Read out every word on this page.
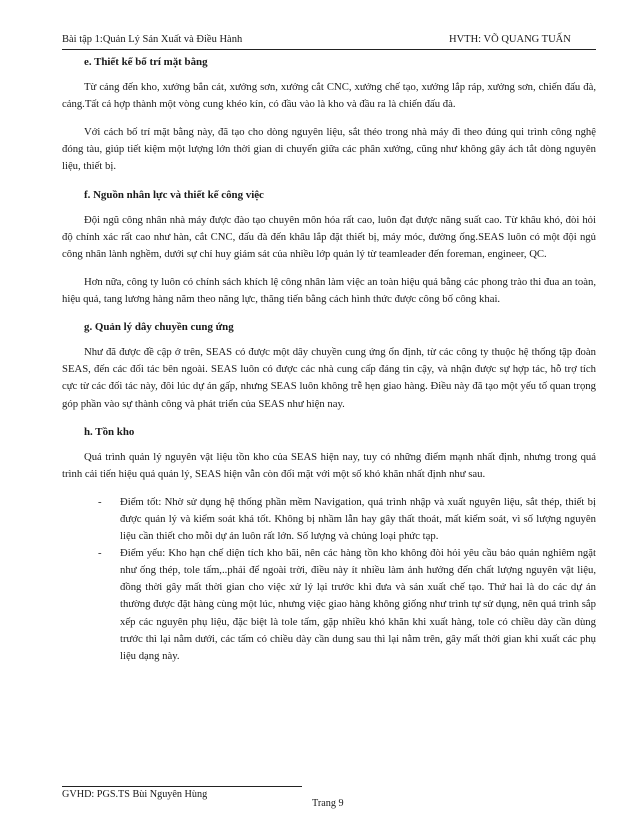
Bài tập 1:Quản Lý Sản Xuất và Điều Hành	HVTH: VÕ QUANG TUẤN
e. Thiết kế bố trí mặt bằng

Từ cảng đến kho, xưởng bắn cát, xưởng sơn, xưởng cắt CNC, xưởng chế tạo, xưởng lắp ráp, xưởng sơn, chiến đấu đà, cảng.Tất cả hợp thành một vòng cung khéo kín, có đầu vào là kho và đầu ra là chiến đấu đà.

Với cách bố trí mặt bằng này, đã tạo cho dòng nguyên liệu, sắt théo trong nhà máy đi theo đúng qui trình công nghệ đóng tàu, giúp tiết kiệm một lượng lớn thời gian di chuyển giữa các phân xưởng, cũng như không gây ách tắt dòng nguyên liệu, thiết bị.

f. Nguồn nhân lực và thiết kế công việc

Đội ngũ công nhân nhà máy được đào tạo chuyên môn hóa rất cao, luôn đạt được năng suất cao. Từ khâu khó, đòi hỏi độ chính xác rất cao như hàn, cắt CNC, đấu đà đến khâu lắp đặt thiết bị, máy móc, đường ống.SEAS luôn có một đội ngủ công nhân lành nghềm, dưới sự chỉ huy giám sát của nhiều lớp quản lý từ teamleader đến foreman, engineer, QC.

Hơn nữa, công ty luôn có chính sách khích lệ công nhân làm việc an toàn hiệu quả bằng các phong trào thi đua an toàn, hiệu quả, tang lương hàng năm theo năng lực, thăng tiến bằng cách hình thức được công bố công khai.

g. Quản lý dây chuyền cung ứng

Như đã được đề cập ở trên, SEAS có được một dây chuyền cung ứng ổn định, từ các công ty thuộc hệ thống tập đoàn SEAS, đến các đối tác bên ngoài. SEAS luôn có được các nhà cung cấp đáng tin cậy, và nhận được sự hợp tác, hỗ trợ tích cực từ các đối tác này, đôi lúc dự án gấp, nhưng SEAS luôn không trễ hẹn giao hàng. Điều này đã tạo một yếu tố quan trọng góp phần vào sự thành công và phát triển của SEAS như hiện nay.

h. Tồn kho

Quá trình quản lý nguyên vật liệu tồn kho của SEAS hiện nay, tuy có những điểm mạnh nhất định, nhưng trong quá trình cải tiến hiệu quả quản lý, SEAS hiện vẫn còn đối mặt với một số khó khăn nhất định như sau.

- Điểm tốt: Nhờ sử dụng hệ thống phần mềm Navigation, quá trình nhập và xuất nguyên liệu, sắt thép, thiết bị được quản lý và kiểm soát khá tốt. Không bị nhầm lẫn hay gây thất thoát, mất kiểm soát, vì số lượng nguyên liệu cần thiết cho mỗi dự án luôn rất lớn. Số lượng và chủng loại phức tạp.
- Điểm yếu: Kho hạn chế diện tích kho bãi, nên các hàng tồn kho không đòi hỏi yêu cầu bảo quản nghiêm ngặt như ống thép, tole tấm,..phải để ngoài trời, điều này ít nhiều làm ảnh hưởng đến chất lượng nguyên vật liệu, đồng thời gây mất thời gian cho việc xử lý lại trước khi đưa và sản xuất chế tạo. Thứ hai là do các dự án thường được đặt hàng cùng một lúc, nhưng việc giao hàng không giống như trình tự sử dụng, nên quá trình sắp xếp các nguyên phụ liệu, đặc biệt là tole tấm, gặp nhiều khó khăn khi xuất hàng, tole có chiều dày cần dùng trước thì lại nằm dưới, các tấm có chiều dày cần dung sau thì lại nằm trên, gây mất thời gian khi xuất các phụ liệu dạng này.
GVHD: PGS.TS Bùi Nguyên Hùng
Trang 9
